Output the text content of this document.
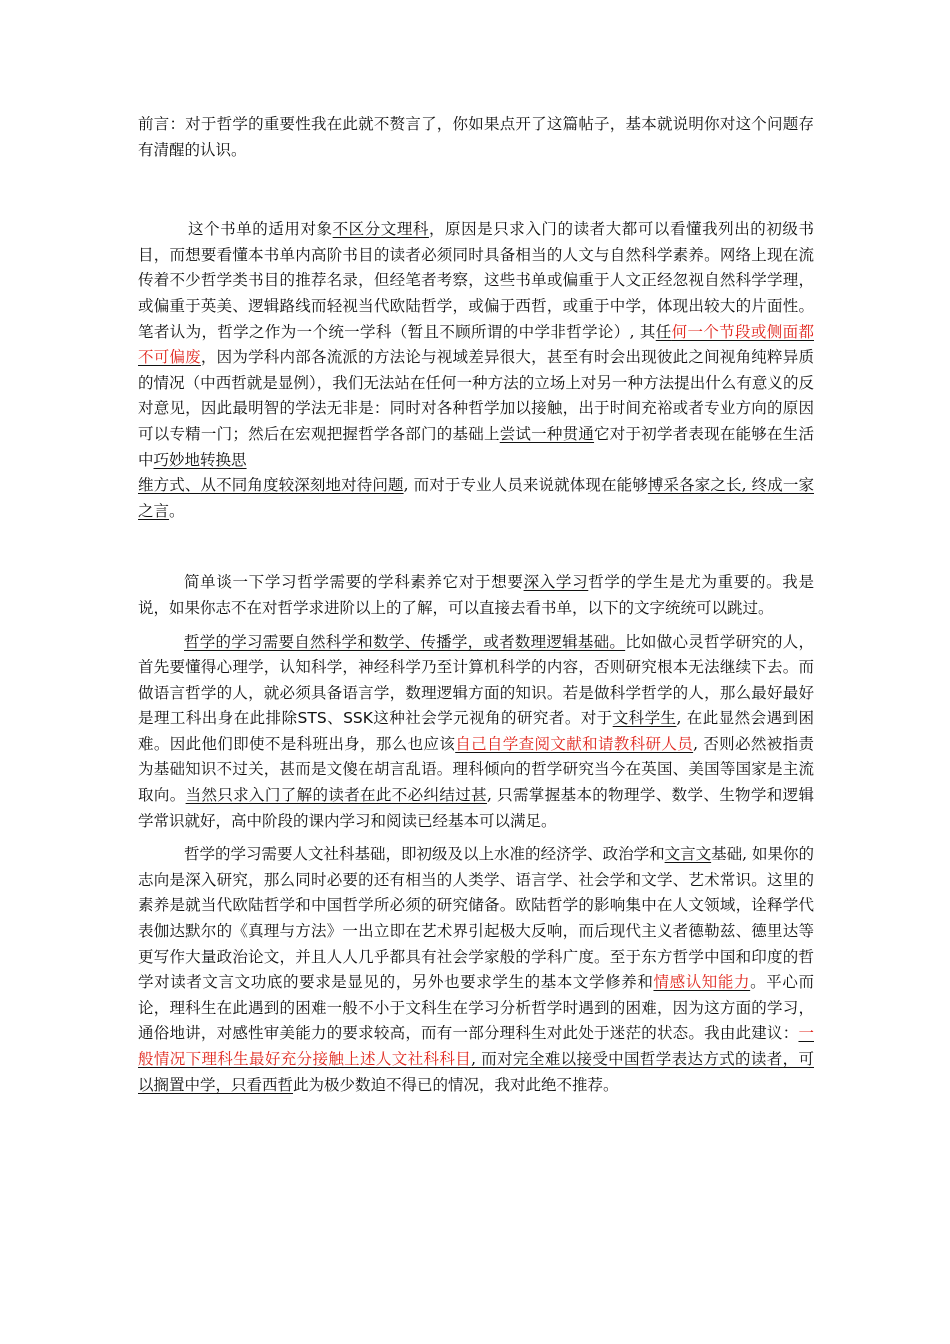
前言：对于哲学的重要性我在此就不赘言了，你如果点开了这篇帖子，基本就说明你对这个问题存有清醒的认识。

这个书单的适用对象不区分文理科，原因是只求入门的读者大都可以看懂我列出的初级书目，而想要看懂本书单内高阶书目的读者必须同时具备相当的人文与自然科学素养。网络上现在流传着不少哲学类书目的推荐名录，但经笔者考察，这些书单或偏重于人文正经忽视自然科学学理，或偏重于英美、逻辑路线而轻视当代欧陆哲学，或偏于西哲，或重于中学，体现出较大的片面性。笔者认为，哲学之作为一个统一学科（暂且不顾所谓的中学非哲学论）, 其任何一个节段或侧面都不可偏废，因为学科内部各流派的方法论与视域差异很大，甚至有时会出现彼此之间视角纯粹异质的情况（中西哲就是显例），我们无法站在任何一种方法的立场上对另一种方法提出什么有意义的反对意见，因此最明智的学法无非是：同时对各种哲学加以接触，出于时间充裕或者专业方向的原因可以专精一门；然后在宏观把握哲学各部门的基础上尝试一种贯通它对于初学者表现在能够在生活中巧妙地转换思
维方式、从不同角度较深刻地对待问题, 而对于专业人员来说就体现在能够博采各家之长, 终成一家之言。

简单谈一下学习哲学需要的学科素养它对于想要深入学习哲学的学生是尤为重要的。我是说，如果你志不在对哲学求进阶以上的了解，可以直接去看书单，以下的文字统统可以跳过。

哲学的学习需要自然科学和数学、传播学，或者数理逻辑基础。比如做心灵哲学研究的人，首先要懂得心理学，认知科学，神经科学乃至计算机科学的内容，否则研究根本无法继续下去。而做语言哲学的人，就必须具备语言学，数理逻辑方面的知识。若是做科学哲学的人，那么最好最好是理工科出身在此排除STS、SSK这种社会学元视角的研究者。对于文科学生, 在此显然会遇到困难。因此他们即使不是科班出身，那么也应该自己自学查阅文献和请教科研人员, 否则必然被指责为基础知识不过关，甚而是文傻在胡言乱语。理科倾向的哲学研究当今在英国、美国等国家是主流取向。当然只求入门了解的读者在此不必纠结过甚, 只需掌握基本的物理学、数学、生物学和逻辑学常识就好，高中阶段的课内学习和阅读已经基本可以满足。

哲学的学习需要人文社科基础，即初级及以上水准的经济学、政治学和文言文基础, 如果你的志向是深入研究，那么同时必要的还有相当的人类学、语言学、社会学和文学、艺术常识。这里的素养是就当代欧陆哲学和中国哲学所必须的研究储备。欧陆哲学的影响集中在人文领域，诠释学代表伽达默尔的《真理与方法》一出立即在艺术界引起极大反响，而后现代主义者德勒兹、德里达等更写作大量政治论文，并且人人几乎都具有社会学家般的学科广度。至于东方哲学中国和印度的哲学对读者文言文功底的要求是显见的，另外也要求学生的基本文学修养和情感认知能力。平心而论，理科生在此遇到的困难一般不小于文科生在学习分析哲学时遇到的困难，因为这方面的学习，通俗地讲，对感性审美能力的要求较高，而有一部分理科生对此处于迷茫的状态。我由此建议：一般情况下理科生最好充分接触上述人文社科科目, 而对完全难以接受中国哲学表达方式的读者，可以搁置中学，只看西哲此为极少数迫不得已的情况，我对此绝不推荐。
